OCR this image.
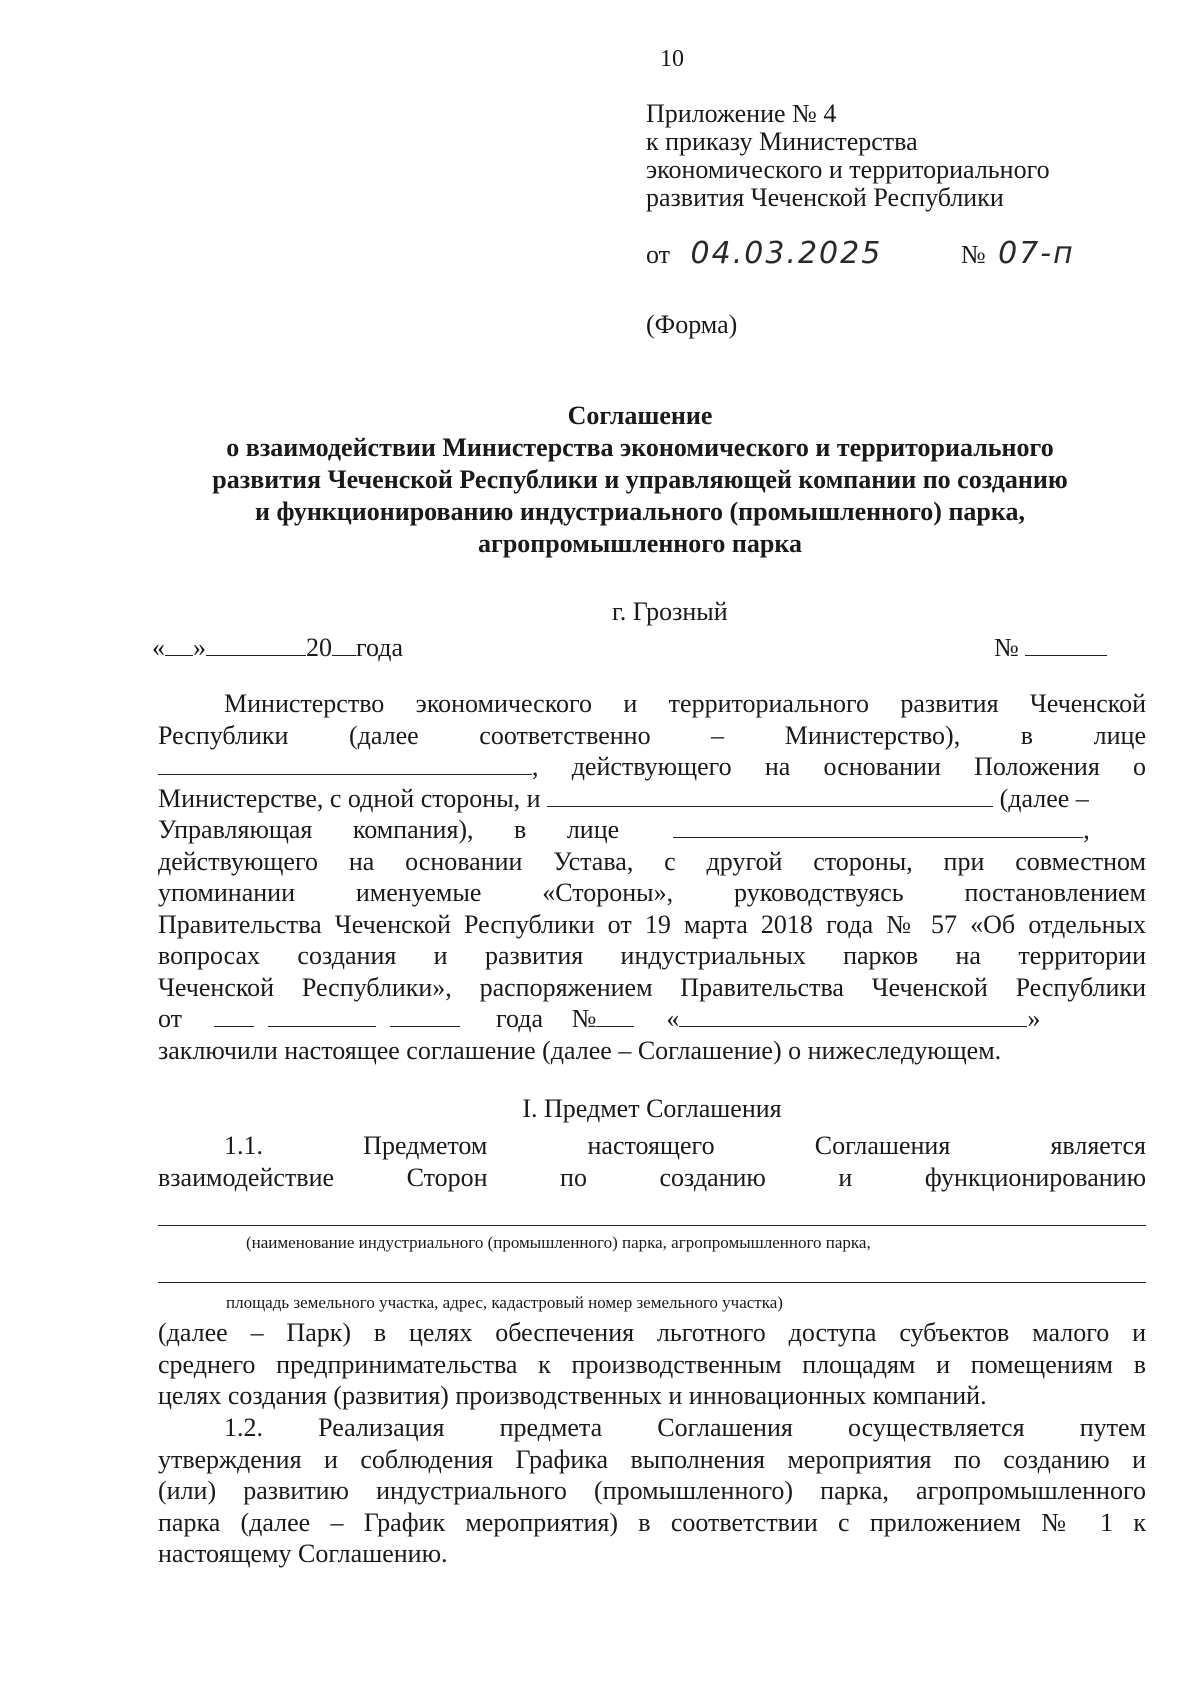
10
Приложение № 4
к приказу Министерства
экономического и территориального
развития Чеченской Республики
от 04.03.2025	№ 07-п
(Форма)
Соглашение
о взаимодействии Министерства экономического и территориального
развития Чеченской Республики и управляющей компании по созданию
и функционированию индустриального (промышленного) парка,
агропромышленного парка
г. Грозный
« »	20 года	№
Министерство экономического и территориального развития Чеченской
Республики (далее соответственно – Министерство), в лице
, действующего на основании Положения о
Министерстве, с одной стороны, и	(далее –
Управляющая компания), в лице	,
действующего на основании Устава, с другой стороны, при совместном
упоминании именуемые «Стороны», руководствуясь постановлением
Правительства Чеченской Республики от 19 марта 2018 года № 57 «Об отдельных
вопросах создания и развития индустриальных парков на территории
Чеченской Республики», распоряжением Правительства Чеченской Республики
от	года №	«	»
заключили настоящее соглашение (далее – Соглашение) о нижеследующем.
I. Предмет Соглашения
1.1. Предметом настоящего Соглашения является
взаимодействие Сторон по созданию и функционированию
(наименование индустриального (промышленного) парка, агропромышленного парка,
площадь земельного участка, адрес, кадастровый номер земельного участка)
(далее – Парк) в целях обеспечения льготного доступа субъектов малого и
среднего предпринимательства к производственным площадям и помещениям в
целях создания (развития) производственных и инновационных компаний.
1.2. Реализация предмета Соглашения осуществляется путем
утверждения и соблюдения Графика выполнения мероприятия по созданию и
(или) развитию индустриального (промышленного) парка, агропромышленного
парка (далее – График мероприятия) в соответствии с приложением № 1 к
настоящему Соглашению.
